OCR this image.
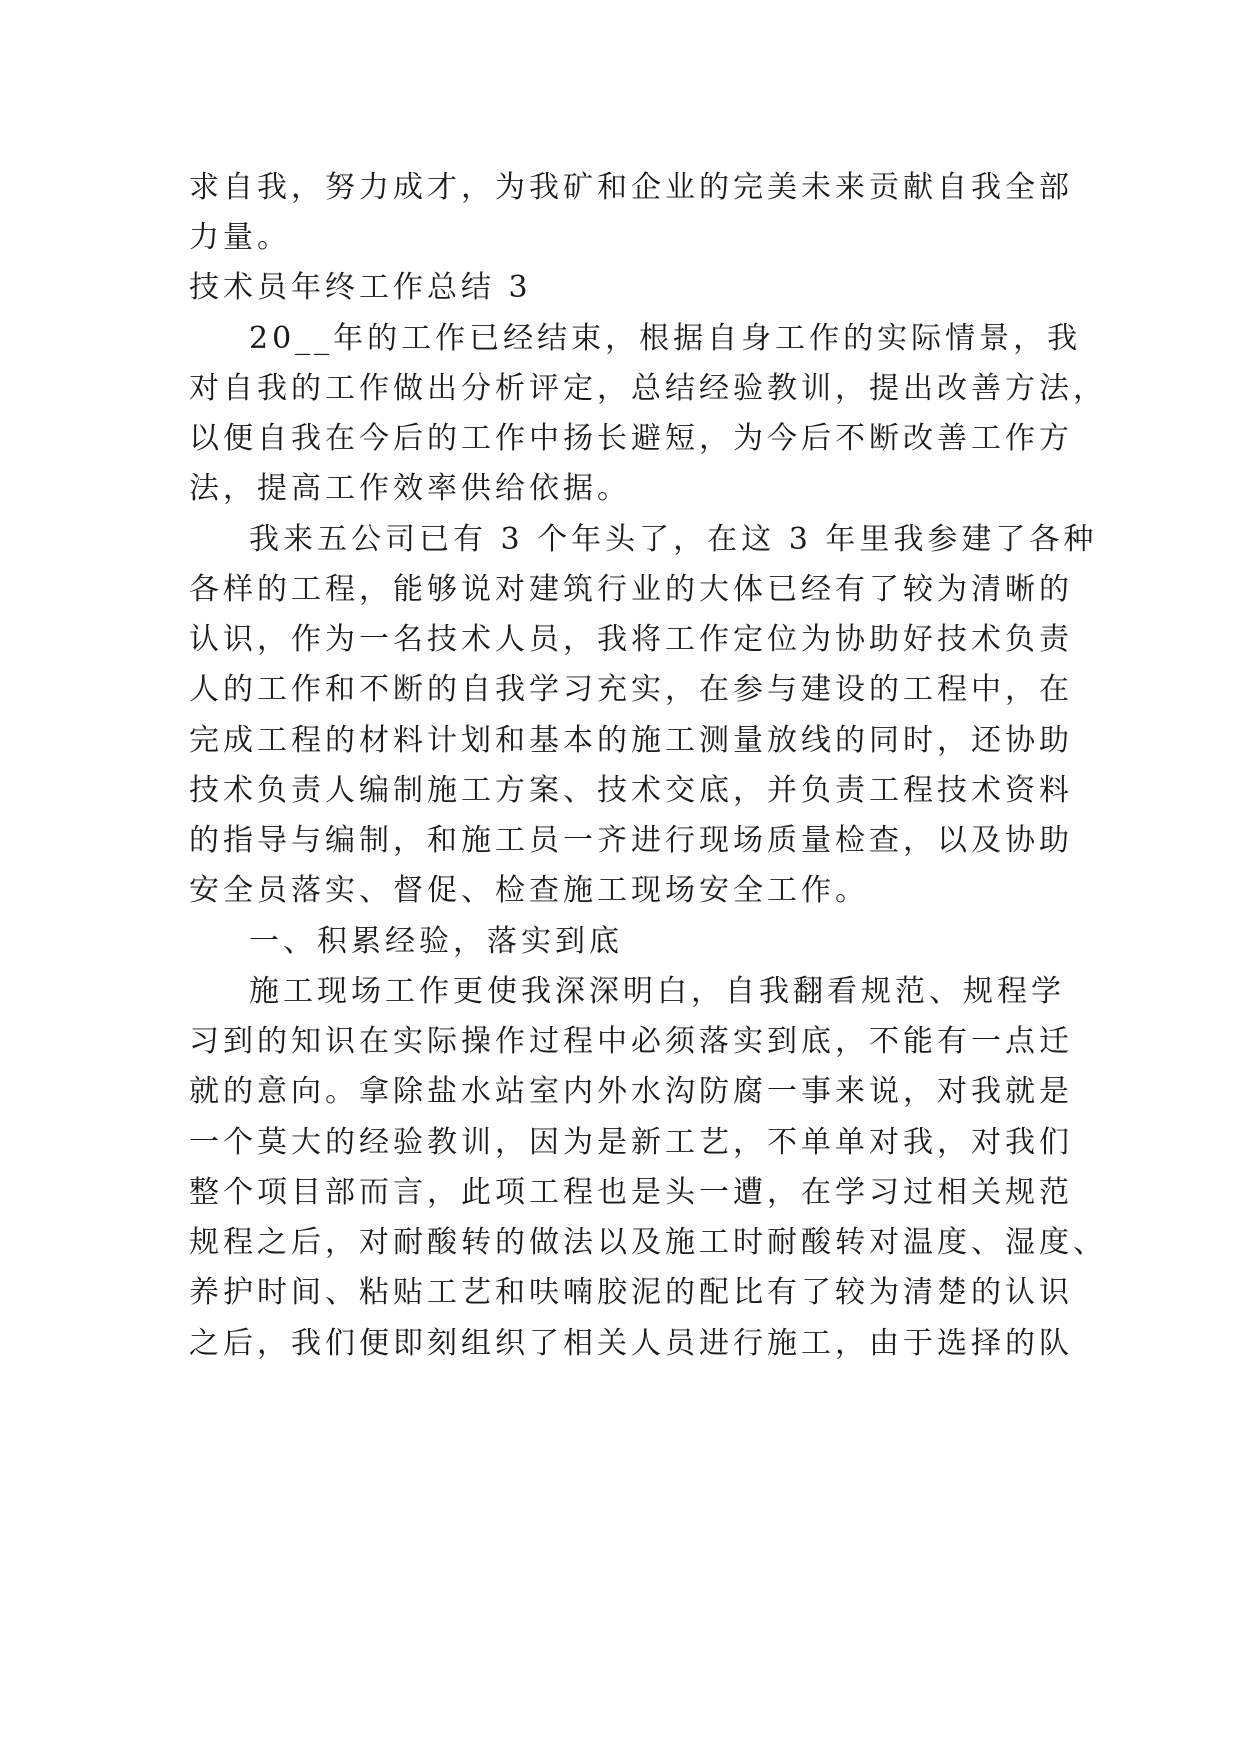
求自我，努力成才，为我矿和企业的完美未来贡献自我全部
力量。
技术员年终工作总结 3
20__年的工作已经结束，根据自身工作的实际情景，我
对自我的工作做出分析评定，总结经验教训，提出改善方法，
以便自我在今后的工作中扬长避短，为今后不断改善工作方
法，提高工作效率供给依据。
我来五公司已有 3 个年头了，在这 3 年里我参建了各种
各样的工程，能够说对建筑行业的大体已经有了较为清晰的
认识，作为一名技术人员，我将工作定位为协助好技术负责
人的工作和不断的自我学习充实，在参与建设的工程中，在
完成工程的材料计划和基本的施工测量放线的同时，还协助
技术负责人编制施工方案、技术交底，并负责工程技术资料
的指导与编制，和施工员一齐进行现场质量检查，以及协助
安全员落实、督促、检查施工现场安全工作。
一、积累经验，落实到底
施工现场工作更使我深深明白，自我翻看规范、规程学
习到的知识在实际操作过程中必须落实到底，不能有一点迁
就的意向。拿除盐水站室内外水沟防腐一事来说，对我就是
一个莫大的经验教训，因为是新工艺，不单单对我，对我们
整个项目部而言，此项工程也是头一遭，在学习过相关规范
规程之后，对耐酸转的做法以及施工时耐酸转对温度、湿度、
养护时间、粘贴工艺和呋喃胶泥的配比有了较为清楚的认识
之后，我们便即刻组织了相关人员进行施工，由于选择的队
